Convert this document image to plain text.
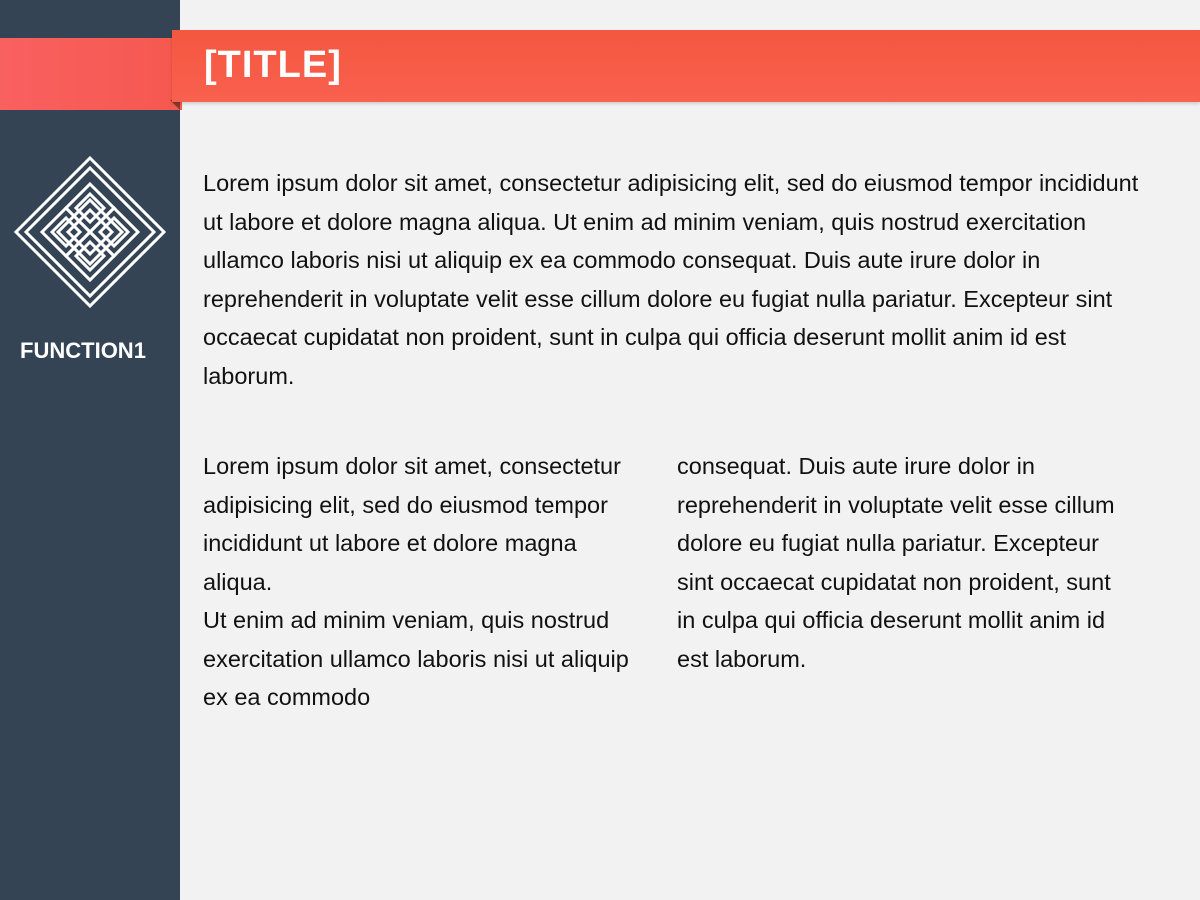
FUNCTION1
[TITLE]

Lorem ipsum dolor sit amet, consectetur adipisicing elit, sed do eiusmod tempor incididunt ut labore et dolore magna aliqua. Ut enim ad minim veniam, quis nostrud exercitation ullamco laboris nisi ut aliquip ex ea commodo consequat. Duis aute irure dolor in reprehenderit in voluptate velit esse cillum dolore eu fugiat nulla pariatur. Excepteur sint occaecat cupidatat non proident, sunt in culpa qui officia deserunt mollit anim id est laborum.

Lorem ipsum dolor sit amet, consectetur adipisicing elit, sed do eiusmod tempor incididunt ut labore et dolore magna aliqua.

Ut enim ad minim veniam, quis nostrud exercitation ullamco laboris nisi ut aliquip ex ea commodo

consequat. Duis aute irure dolor in reprehenderit in voluptate velit esse cillum dolore eu fugiat nulla pariatur. Excepteur sint occaecat cupidatat non proident, sunt in culpa qui officia deserunt mollit anim id est laborum.
